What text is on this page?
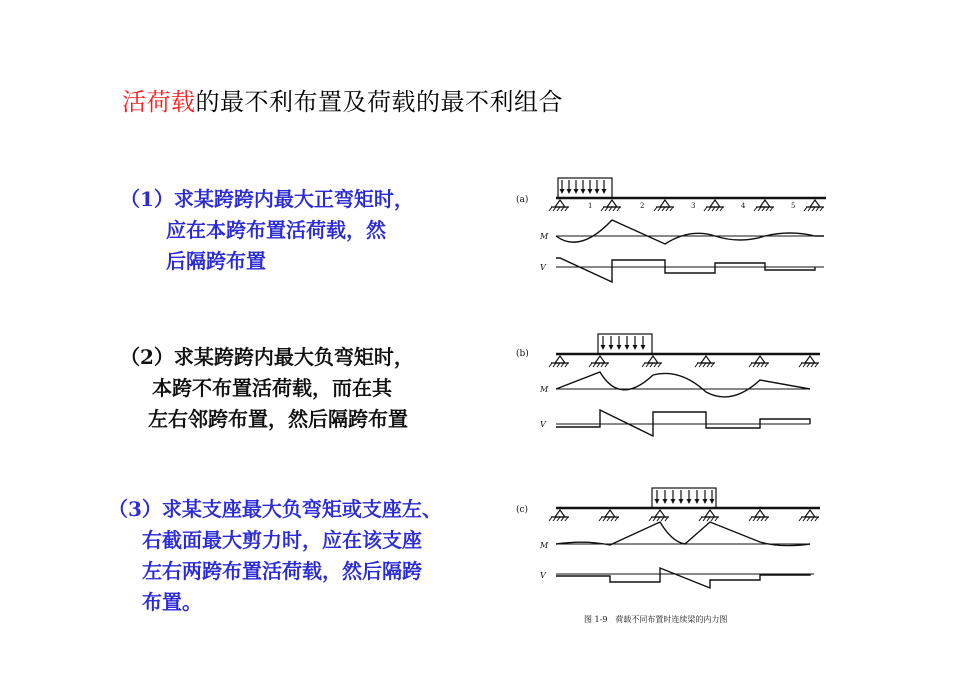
活荷载的最不利布置及荷载的最不利组合
（1）求某跨跨内最大正弯矩时，
应在本跨布置活荷载，然
后隔跨布置
（2）求某跨跨内最大负弯矩时，
本跨不布置活荷载，而在其
左右邻跨布置，然后隔跨布置
（3）求某支座最大负弯矩或支座左、
右截面最大剪力时，应在该支座
左右两跨布置活荷载，然后隔跨
布置。
(a)
1	2	3	4	5
M
V
(b)
M
V
(c)
M
V
图 1-9　荷载不同布置时连续梁的内力图
